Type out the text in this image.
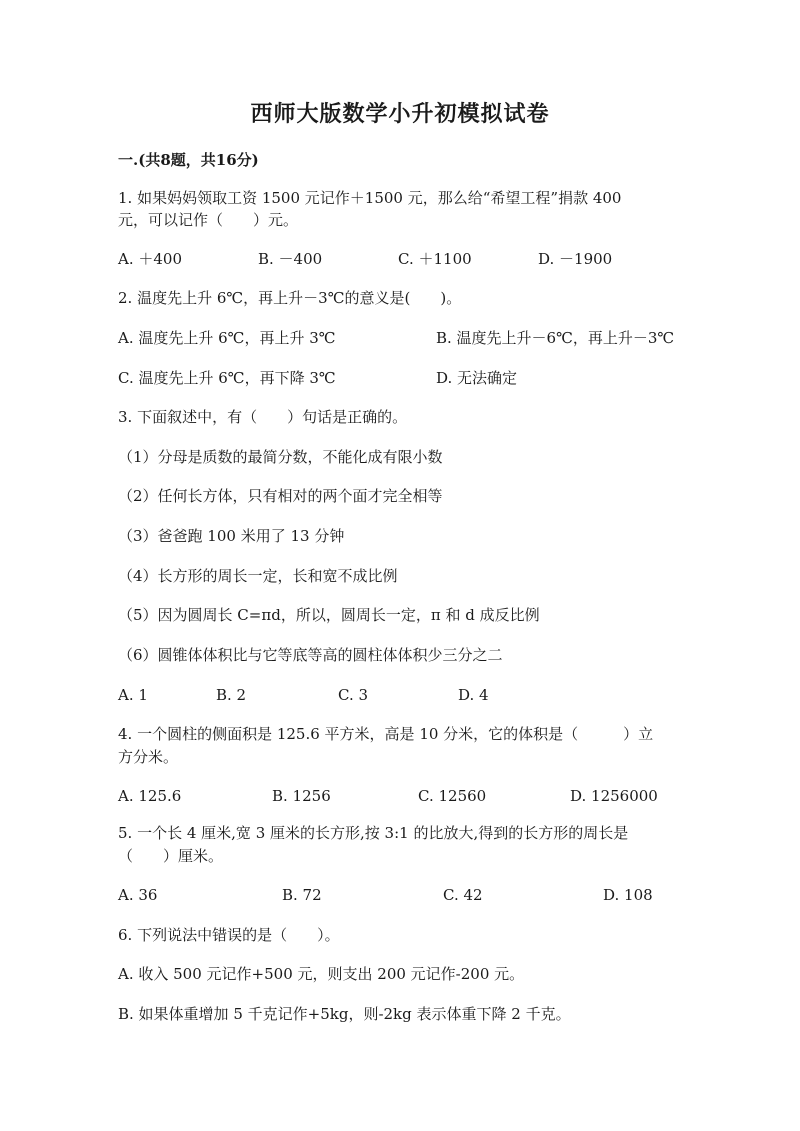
西师大版数学小升初模拟试卷
一.(共8题，共16分)
1. 如果妈妈领取工资 1500 元记作＋1500 元，那么给“希望工程”捐款 400
元，可以记作（　　）元。
A. ＋400	B. －400	C. ＋1100	D. －1900
2. 温度先上升 6℃，再上升－3℃的意义是(　　)。
A. 温度先上升 6℃，再上升 3℃	B. 温度先上升－6℃，再上升－3℃
C. 温度先上升 6℃，再下降 3℃	D. 无法确定
3. 下面叙述中，有（　　）句话是正确的。
（1）分母是质数的最简分数，不能化成有限小数
（2）任何长方体，只有相对的两个面才完全相等
（3）爸爸跑 100 米用了 13 分钟
（4）长方形的周长一定，长和宽不成比例
（5）因为圆周长 C=πd，所以，圆周长一定，π 和 d 成反比例
（6）圆锥体体积比与它等底等高的圆柱体体积少三分之二
A. 1	B. 2	C. 3	D. 4
4. 一个圆柱的侧面积是 125.6 平方米，高是 10 分米，它的体积是（　　　）立
方分米。
A. 125.6	B. 1256	C. 12560	D. 1256000
5. 一个长 4 厘米,宽 3 厘米的长方形,按 3:1 的比放大,得到的长方形的周长是
（　　）厘米。
A. 36	B. 72	C. 42	D. 108
6. 下列说法中错误的是（　　）。
A. 收入 500 元记作+500 元，则支出 200 元记作-200 元。
B. 如果体重增加 5 千克记作+5kg，则-2kg 表示体重下降 2 千克。
